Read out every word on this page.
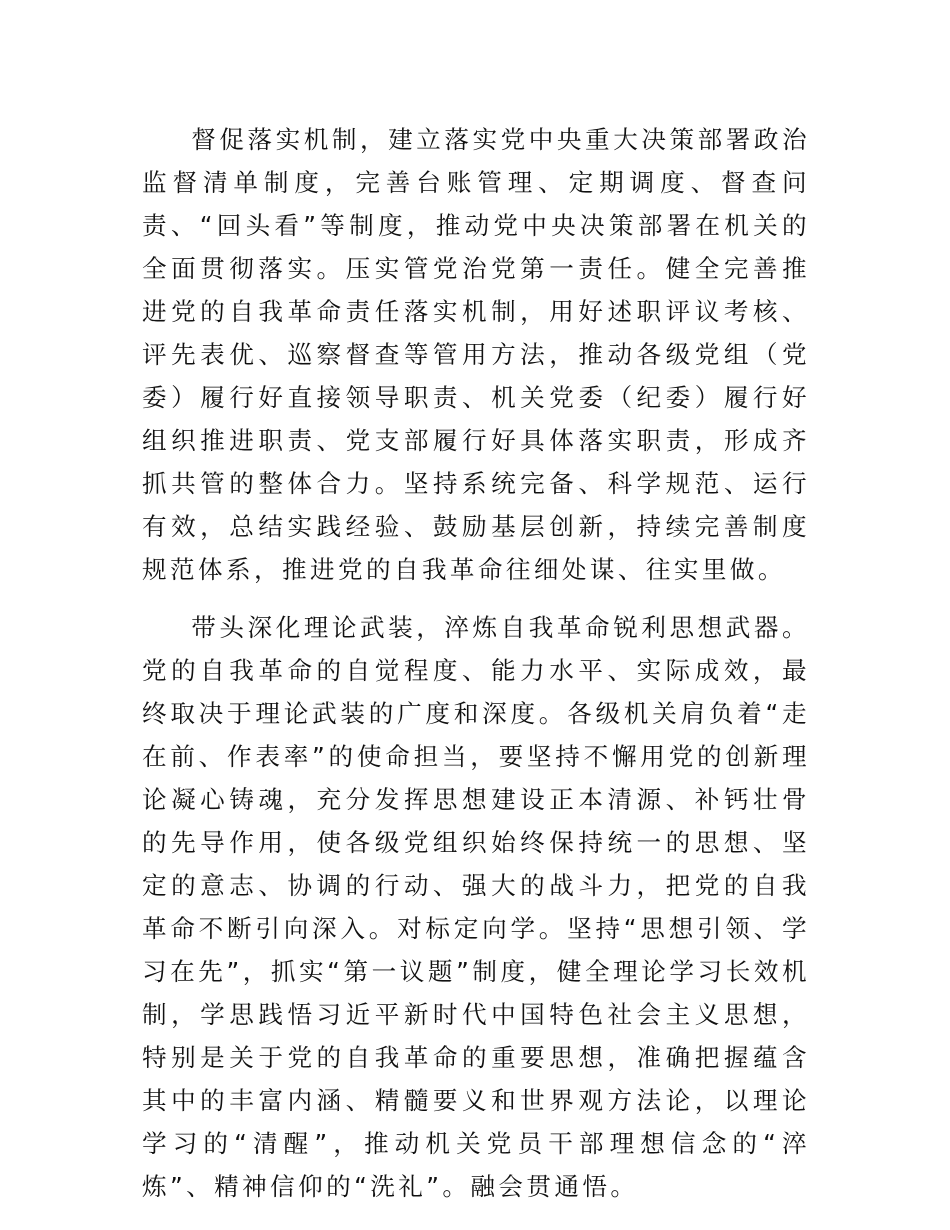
督促落实机制，建立落实党中央重大决策部署政治监督清单制度，完善台账管理、定期调度、督查问责、“回头看”等制度，推动党中央决策部署在机关的全面贯彻落实。压实管党治党第一责任。健全完善推进党的自我革命责任落实机制，用好述职评议考核、评先表优、巡察督查等管用方法，推动各级党组（党委）履行好直接领导职责、机关党委（纪委）履行好组织推进职责、党支部履行好具体落实职责，形成齐抓共管的整体合力。坚持系统完备、科学规范、运行有效，总结实践经验、鼓励基层创新，持续完善制度规范体系，推进党的自我革命往细处谋、往实里做。

带头深化理论武装，淬炼自我革命锐利思想武器。党的自我革命的自觉程度、能力水平、实际成效，最终取决于理论武装的广度和深度。各级机关肩负着“走在前、作表率”的使命担当，要坚持不懈用党的创新理论凝心铸魂，充分发挥思想建设正本清源、补钙壮骨的先导作用，使各级党组织始终保持统一的思想、坚定的意志、协调的行动、强大的战斗力，把党的自我革命不断引向深入。对标定向学。坚持“思想引领、学习在先”，抓实“第一议题”制度，健全理论学习长效机制，学思践悟习近平新时代中国特色社会主义思想，特别是关于党的自我革命的重要思想，准确把握蕴含其中的丰富内涵、精髓要义和世界观方法论，以理论学习的“清醒”，推动机关党员干部理想信念的“淬炼”、精神信仰的“洗礼”。融会贯通悟。
